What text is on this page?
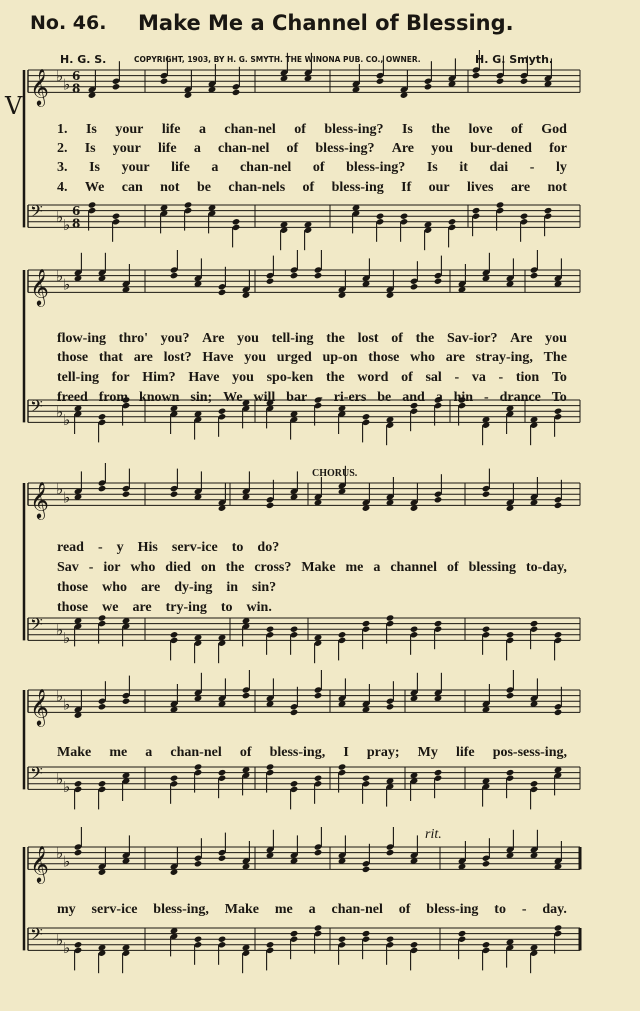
No. 46. Make Me a Channel of Blessing.
H. G. S.	COPYRIGHT, 1903, BY H. G. SMYTH. THE WINONA PUB. CO., OWNER.	H. G. Smyth.
V
CHORUS.
rit.
𝄞 ♭ ♭ 6
8
𝄢 ♭ ♭
6
8
𝄞 ♭ ♭
𝄢 ♭ ♭
𝄞 ♭ ♭
𝄢 ♭ ♭
𝄞 ♭ ♭
𝄢 ♭ ♭
𝄞 ♭ ♭
𝄢 ♭ ♭
1. Is your life a chan-nel of bless-ing? Is the love of God
2. Is your life a chan-nel of bless-ing? Are you bur-dened for
3. Is your life a chan-nel of bless-ing? Is it dai - ly
4. We can not be chan-nels of bless-ing If our lives are not
flow-ing thro' you? Are you tell-ing the lost of the Sav-ior? Are you
those that are lost? Have you urged up-on those who are stray-ing, The
tell-ing for Him? Have you spo-ken the word of sal - va - tion To
freed from known sin; We will bar - ri-ers be and a hin - drance To
read - y His serv-ice to do?
Sav - ior who died on the cross? Make me a channel of blessing to-day,
those who are dy-ing in sin?
those we are try-ing to win.
Make me a chan-nel of bless-ing, I pray; My life pos-sess-ing,
my serv-ice bless-ing, Make me a chan-nel of bless-ing to - day.
